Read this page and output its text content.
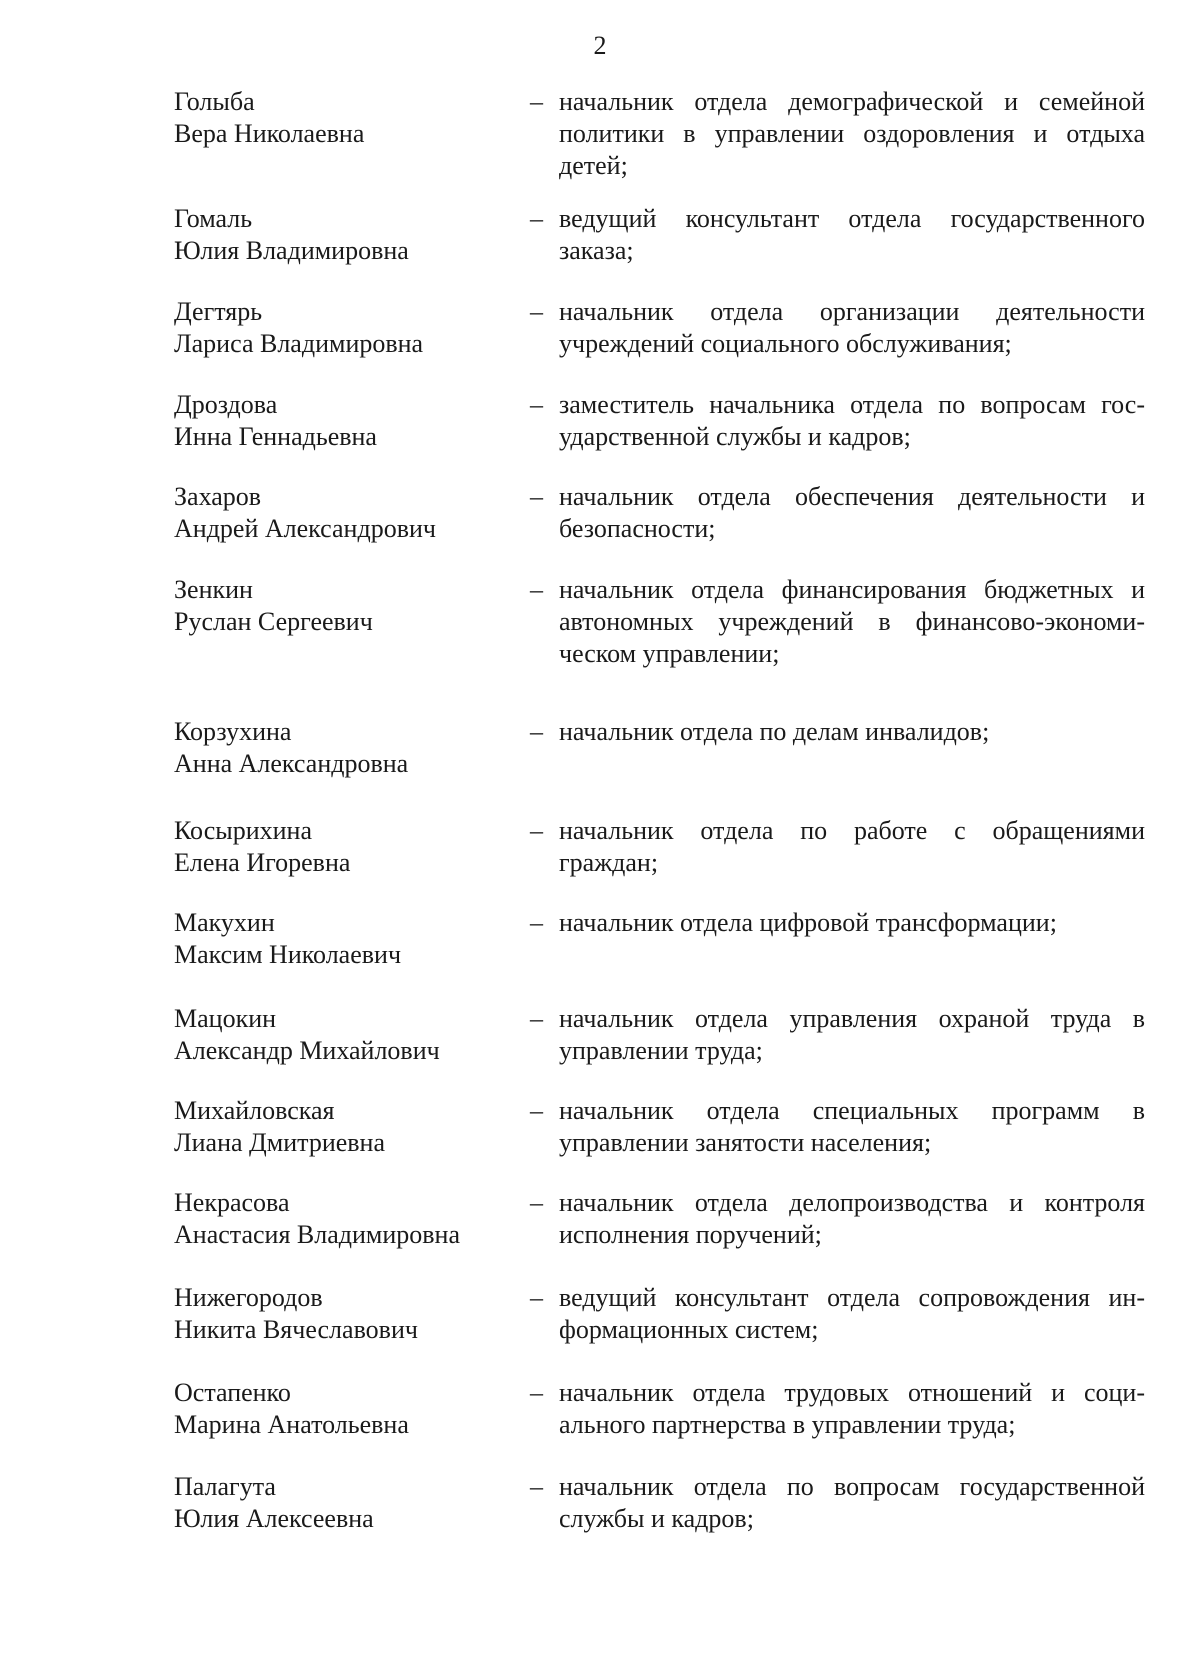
2
Голыба
Вера Николаевна
– начальник отдела демографической и семейной политики в управлении оздоровления и отдыха детей;
Гомаль
Юлия Владимировна
– ведущий консультант отдела государственного заказа;
Дегтярь
Лариса Владимировна
– начальник отдела организации деятельности учреждений социального обслуживания;
Дроздова
Инна Геннадьевна
– заместитель начальника отдела по вопросам государственной службы и кадров;
Захаров
Андрей Александрович
– начальник отдела обеспечения деятельности и безопасности;
Зенкин
Руслан Сергеевич
– начальник отдела финансирования бюджетных и автономных учреждений в финансово-экономическом управлении;
Корзухина
Анна Александровна
– начальник отдела по делам инвалидов;
Косырихина
Елена Игоревна
– начальник отдела по работе с обращениями граждан;
Макухин
Максим Николаевич
– начальник отдела цифровой трансформации;
Мацокин
Александр Михайлович
– начальник отдела управления охраной труда в управлении труда;
Михайловская
Лиана Дмитриевна
– начальник отдела специальных программ в управлении занятости населения;
Некрасова
Анастасия Владимировна
– начальник отдела делопроизводства и контроля исполнения поручений;
Нижегородов
Никита Вячеславович
– ведущий консультант отдела сопровождения информационных систем;
Остапенко
Марина Анатольевна
– начальник отдела трудовых отношений и социального партнерства в управлении труда;
Палагута
Юлия Алексеевна
– начальник отдела по вопросам государственной службы и кадров;
